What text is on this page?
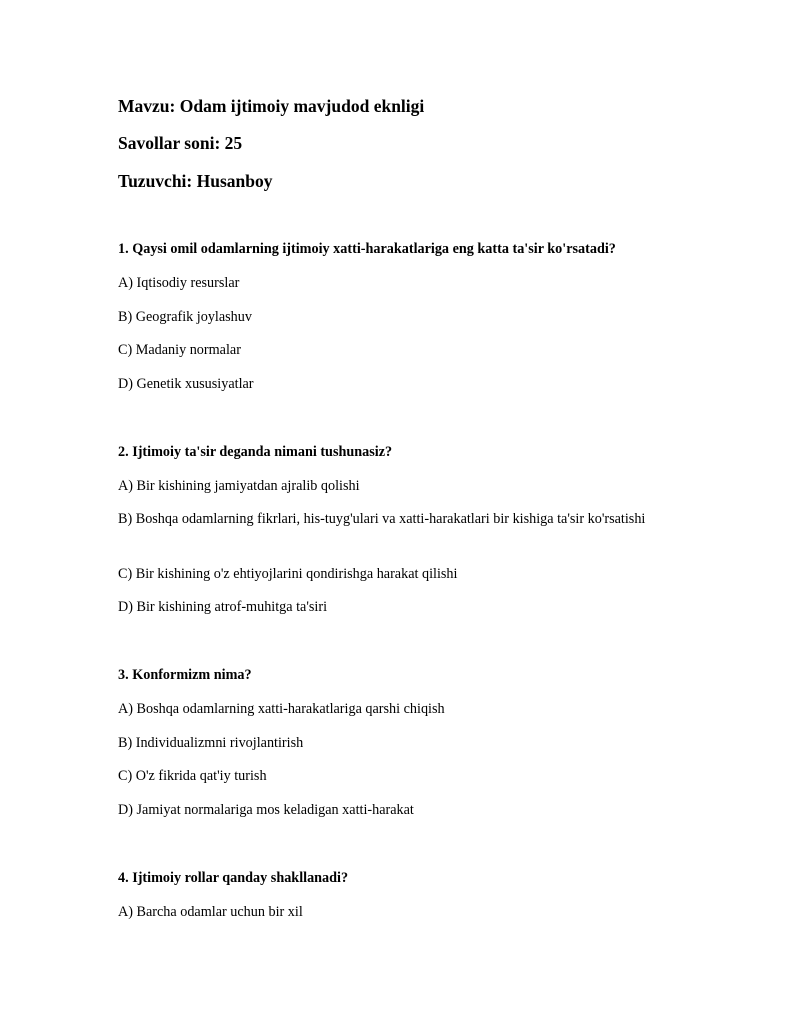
Mavzu: Odam ijtimoiy mavjudod eknligi
Savollar soni: 25
Tuzuvchi: Husanboy
1. Qaysi omil odamlarning ijtimoiy xatti-harakatlariga eng katta ta'sir ko'rsatadi?
A) Iqtisodiy resurslar
B) Geografik joylashuv
C) Madaniy normalar
D) Genetik xususiyatlar
2. Ijtimoiy ta'sir deganda nimani tushunasiz?
A) Bir kishining jamiyatdan ajralib qolishi
B) Boshqa odamlarning fikrlari, his-tuyg'ulari va xatti-harakatlari bir kishiga ta'sir ko'rsatishi
C) Bir kishining o'z ehtiyojlarini qondirishga harakat qilishi
D) Bir kishining atrof-muhitga ta'siri
3. Konformizm nima?
A) Boshqa odamlarning xatti-harakatlariga qarshi chiqish
B) Individualizmni rivojlantirish
C) O'z fikrida qat'iy turish
D) Jamiyat normalariga mos keladigan xatti-harakat
4. Ijtimoiy rollar qanday shakllanadi?
A) Barcha odamlar uchun bir xil
